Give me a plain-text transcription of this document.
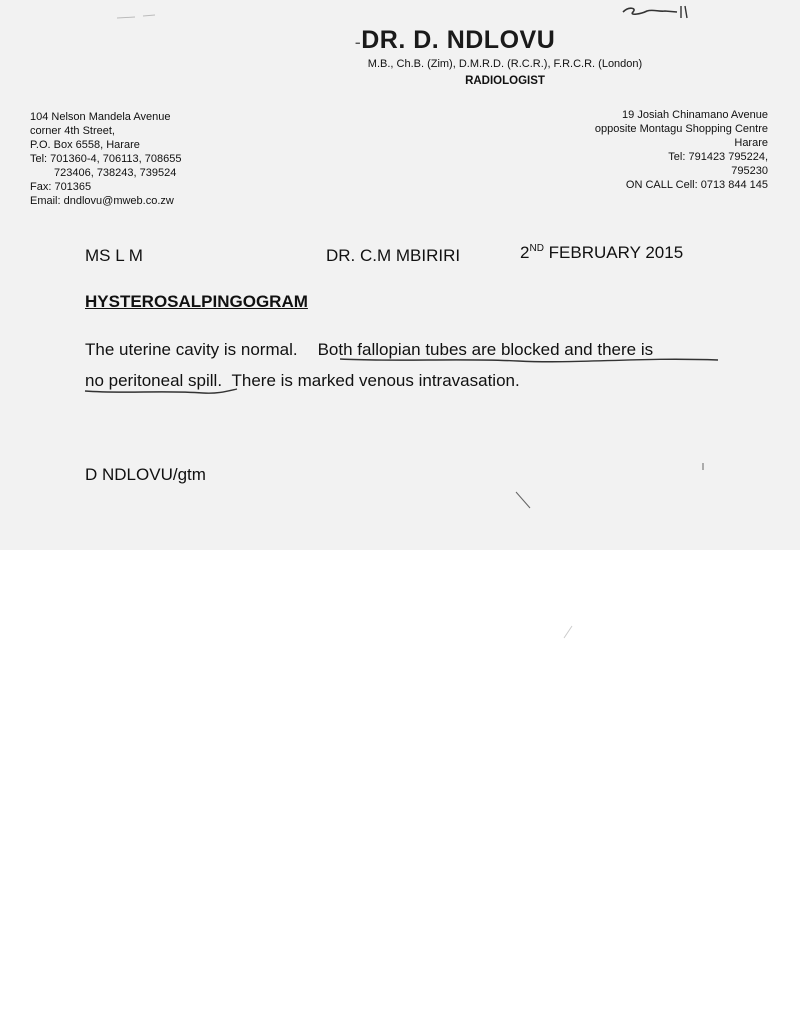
‐DR. D. NDLOVU
M.B., Ch.B. (Zim), D.M.R.D. (R.C.R.), F.R.C.R. (London)
RADIOLOGIST
104 Nelson Mandela Avenue
corner 4th Street,
P.O. Box 6558, Harare
Tel: 701360-4, 706113, 708655
723406, 738243, 739524
Fax: 701365
Email: dndlovu@mweb.co.zw
19 Josiah Chinamano Avenue
opposite Montagu Shopping Centre
Harare
Tel: 791423 795224,
795230
ON CALL Cell: 0713 844 145
MS L M	DR. C.M MBIRIRI	2ND FEBRUARY 2015
HYSTEROSALPINGOGRAM
The uterine cavity is normal. Both fallopian tubes are blocked and there is
no peritoneal spill. There is marked venous intravasation.
D NDLOVU/gtm
